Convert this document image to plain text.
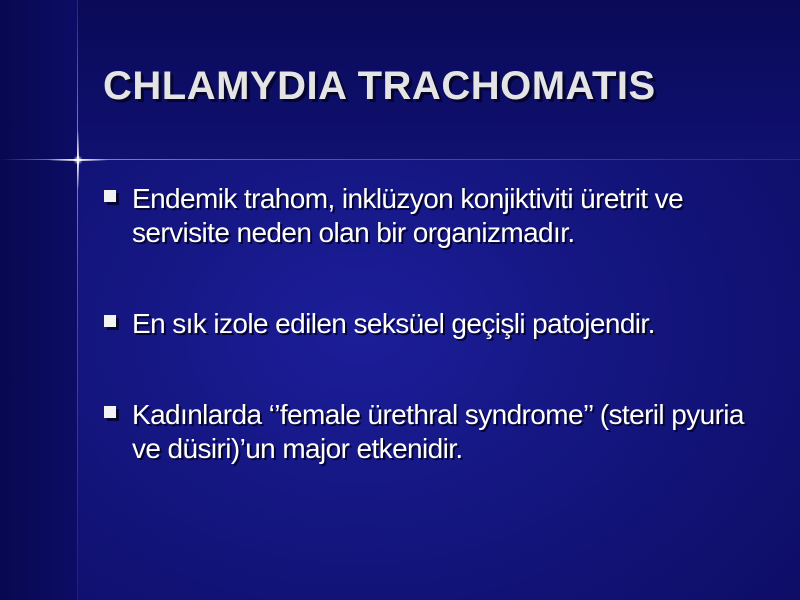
CHLAMYDIA TRACHOMATIS
Endemik trahom, inklüzyon konjiktiviti üretrit ve servisite neden olan bir organizmadır.
En sık izole edilen seksüel geçişli patojendir.
Kadınlarda ‘’female ürethral syndrome’’ (steril pyuria ve düsiri)’un major etkenidir.
